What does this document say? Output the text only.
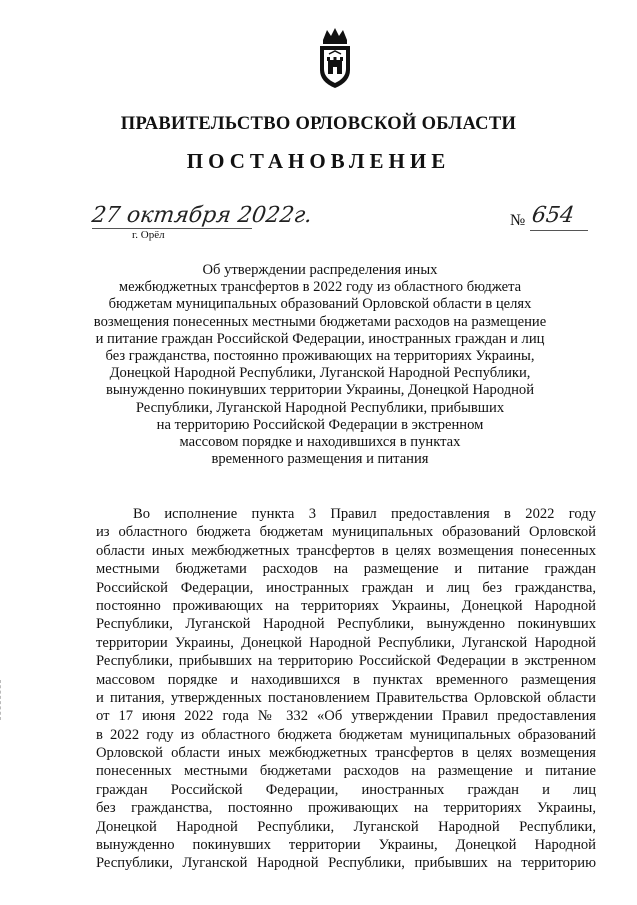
ПРАВИТЕЛЬСТВО ОРЛОВСКОЙ ОБЛАСТИ
ПОСТАНОВЛЕНИЕ
27 октября 2022г.
г. Орёл
№ 654
Об утверждении распределения иных
межбюджетных трансфертов в 2022 году из областного бюджета
бюджетам муниципальных образований Орловской области в целях
возмещения понесенных местными бюджетами расходов на размещение
и питание граждан Российской Федерации, иностранных граждан и лиц
без гражданства, постоянно проживающих на территориях Украины,
Донецкой Народной Республики, Луганской Народной Республики,
вынужденно покинувших территории Украины, Донецкой Народной
Республики, Луганской Народной Республики, прибывших
на территорию Российской Федерации в экстренном
массовом порядке и находившихся в пунктах
временного размещения и питания
Во исполнение пункта 3 Правил предоставления в 2022 году
из областного бюджета бюджетам муниципальных образований Орловской
области иных межбюджетных трансфертов в целях возмещения понесенных
местными бюджетами расходов на размещение и питание граждан
Российской Федерации, иностранных граждан и лиц без гражданства,
постоянно проживающих на территориях Украины, Донецкой Народной
Республики, Луганской Народной Республики, вынужденно покинувших
территории Украины, Донецкой Народной Республики, Луганской Народной
Республики, прибывших на территорию Российской Федерации в экстренном
массовом порядке и находившихся в пунктах временного размещения
и питания, утвержденных постановлением Правительства Орловской области
от 17 июня 2022 года № 332 «Об утверждении Правил предоставления
в 2022 году из областного бюджета бюджетам муниципальных образований
Орловской области иных межбюджетных трансфертов в целях возмещения
понесенных местными бюджетами расходов на размещение и питание
граждан Российской Федерации, иностранных граждан и лиц
без гражданства, постоянно проживающих на территориях Украины,
Донецкой Народной Республики, Луганской Народной Республики,
вынужденно покинувших территории Украины, Донецкой Народной
Республики, Луганской Народной Республики, прибывших на территорию
